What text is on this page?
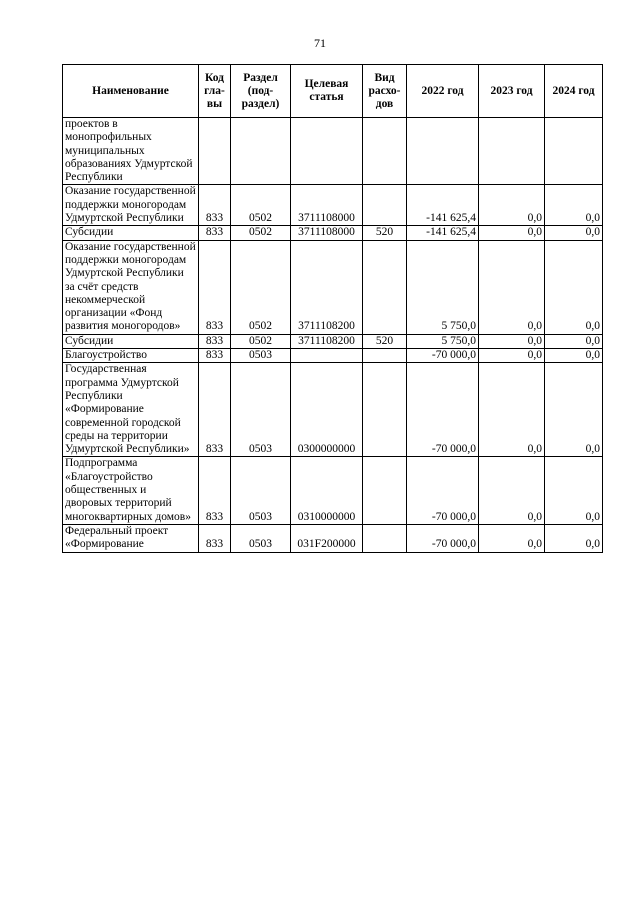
71
Наименование	Код гла-вы	Раздел (под-раздел)	Целевая статья	Вид расхо-дов	2022 год	2023 год	2024 год
проектов в монопрофильных муниципальных образованиях Удмуртской Республики							
Оказание государственной поддержки моногородам Удмуртской Республики	833	0502	3711108000		-141 625,4	0,0	0,0
Субсидии	833	0502	3711108000	520	-141 625,4	0,0	0,0
Оказание государственной поддержки моногородам Удмуртской Республики за счёт средств некоммерческой организации «Фонд развития моногородов»	833	0502	3711108200		5 750,0	0,0	0,0
Субсидии	833	0502	3711108200	520	5 750,0	0,0	0,0
Благоустройство	833	0503			-70 000,0	0,0	0,0
Государственная программа Удмуртской Республики «Формирование современной городской среды на территории Удмуртской Республики»	833	0503	0300000000		-70 000,0	0,0	0,0
Подпрограмма «Благоустройство общественных и дворовых территорий многоквартирных домов»	833	0503	0310000000		-70 000,0	0,0	0,0
Федеральный проект «Формирование	833	0503	031F200000		-70 000,0	0,0	0,0
